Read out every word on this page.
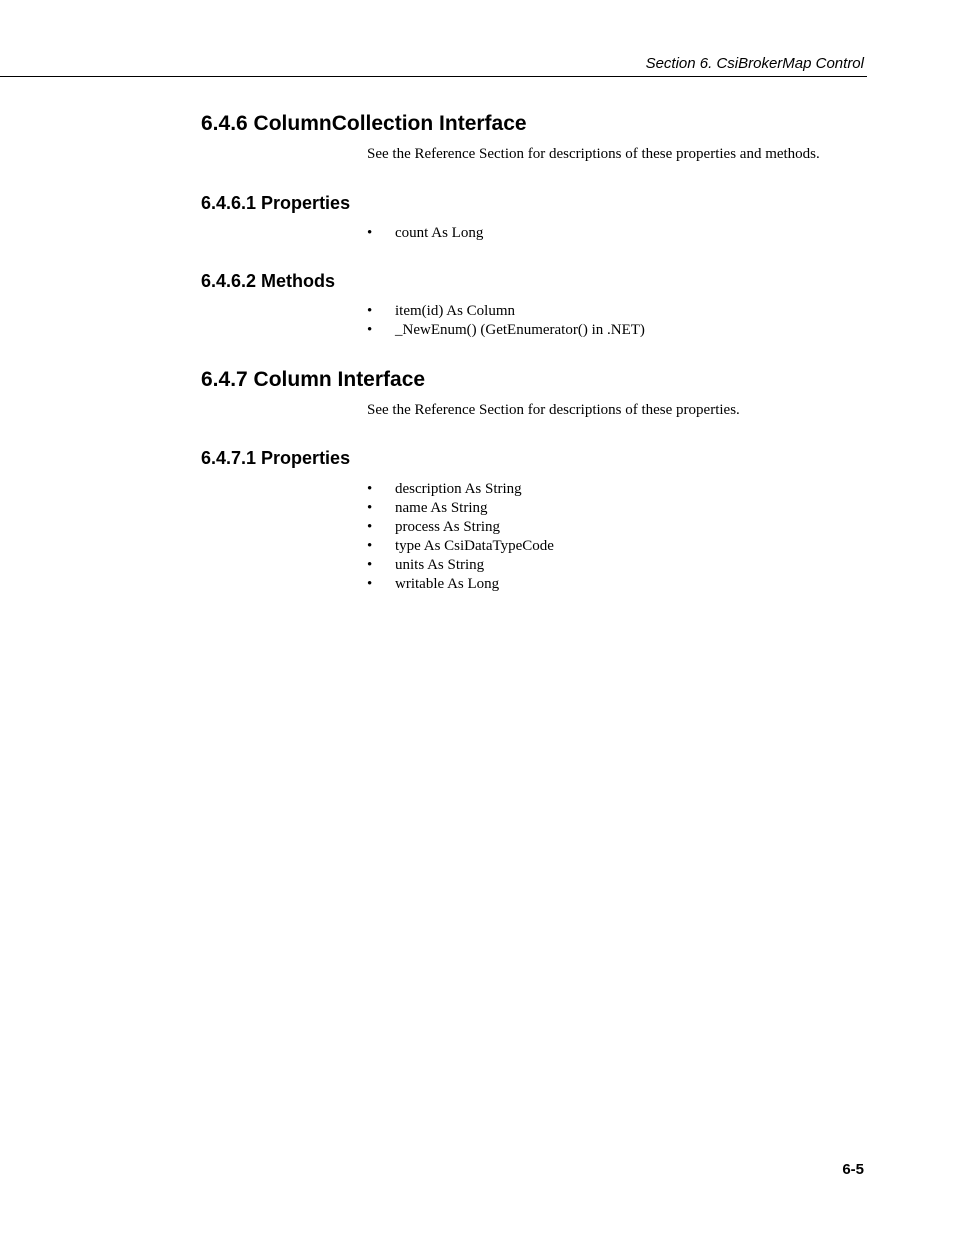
Section 6. CsiBrokerMap Control
6.4.6 ColumnCollection Interface

See the Reference Section for descriptions of these properties and methods.

6.4.6.1 Properties
• count As Long
6.4.6.2 Methods
• item(id) As Column
• _NewEnum() (GetEnumerator() in .NET)
6.4.7 Column Interface

See the Reference Section for descriptions of these properties.

6.4.7.1 Properties
• description As String
• name As String
• process As String
• type As CsiDataTypeCode
• units As String
• writable As Long
6-5
